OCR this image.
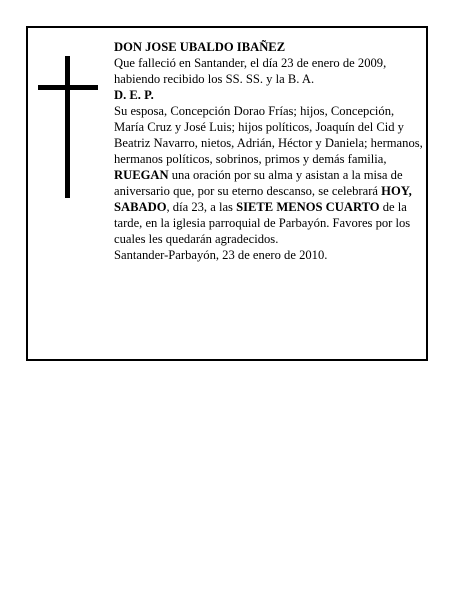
DON JOSE UBALDO IBAÑEZ

Que falleció en Santander, el día 23 de enero de 2009, habiendo recibido los SS. SS. y la B. A.

D. E. P.

Su esposa, Concepción Dorao Frías; hijos, Concepción, María Cruz y José Luis; hijos políticos, Joaquín del Cid y Beatriz Navarro, nietos, Adrián, Héctor y Daniela; hermanos, hermanos políticos, sobrinos, primos y demás familia,

RUEGAN una oración por su alma y asistan a la misa de aniversario que, por su eterno descanso, se celebrará HOY, SABADO, día 23, a las SIETE MENOS CUARTO de la tarde, en la iglesia parroquial de Parbayón. Favores por los cuales les quedarán agradecidos.

Santander-Parbayón, 23 de enero de 2010.
